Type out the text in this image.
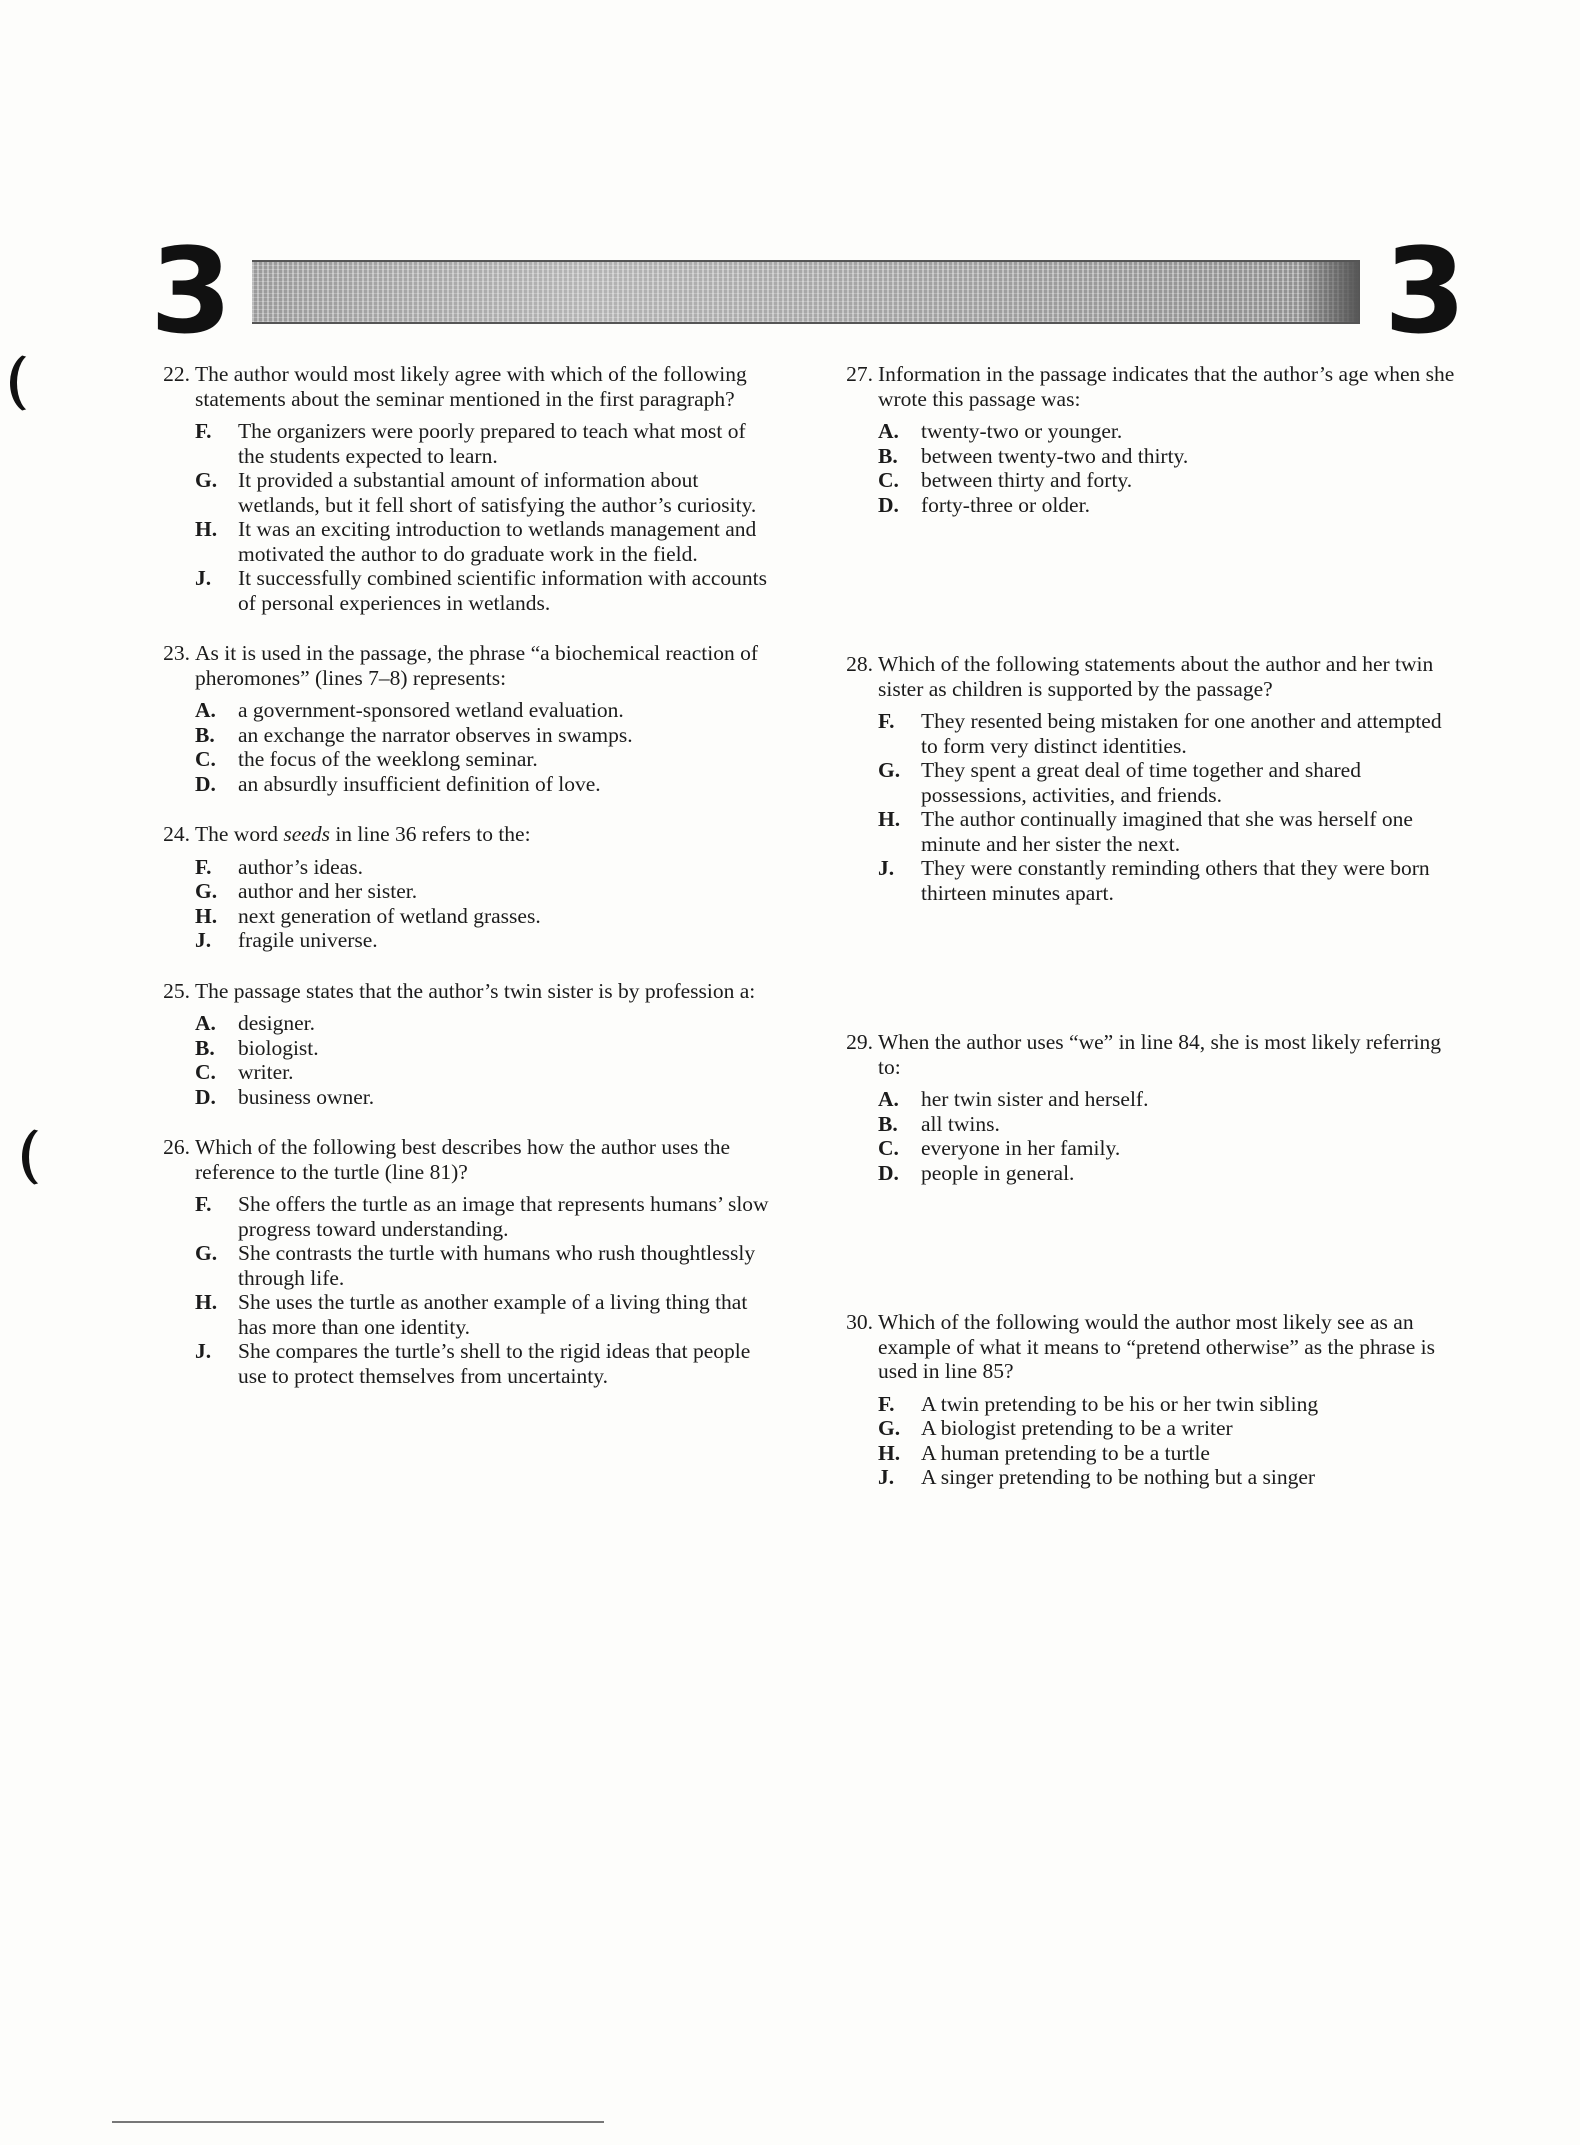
3	3
22. The author would most likely agree with which of the following statements about the seminar mentioned in the first paragraph?
F. The organizers were poorly prepared to teach what most of the students expected to learn.
G. It provided a substantial amount of information about wetlands, but it fell short of satisfying the author’s curiosity.
H. It was an exciting introduction to wetlands management and motivated the author to do graduate work in the field.
J. It successfully combined scientific information with accounts of personal experiences in wetlands.
23. As it is used in the passage, the phrase “a biochemical reaction of pheromones” (lines 7–8) represents:
A. a government-sponsored wetland evaluation.
B. an exchange the narrator observes in swamps.
C. the focus of the weeklong seminar.
D. an absurdly insufficient definition of love.
24. The word seeds in line 36 refers to the:
F. author’s ideas.
G. author and her sister.
H. next generation of wetland grasses.
J. fragile universe.
25. The passage states that the author’s twin sister is by profession a:
A. designer.
B. biologist.
C. writer.
D. business owner.
26. Which of the following best describes how the author uses the reference to the turtle (line 81)?
F. She offers the turtle as an image that represents humans’ slow progress toward understanding.
G. She contrasts the turtle with humans who rush thoughtlessly through life.
H. She uses the turtle as another example of a living thing that has more than one identity.
J. She compares the turtle’s shell to the rigid ideas that people use to protect themselves from uncertainty.
27. Information in the passage indicates that the author’s age when she wrote this passage was:
A. twenty-two or younger.
B. between twenty-two and thirty.
C. between thirty and forty.
D. forty-three or older.
28. Which of the following statements about the author and her twin sister as children is supported by the passage?
F. They resented being mistaken for one another and attempted to form very distinct identities.
G. They spent a great deal of time together and shared possessions, activities, and friends.
H. The author continually imagined that she was herself one minute and her sister the next.
J. They were constantly reminding others that they were born thirteen minutes apart.
29. When the author uses “we” in line 84, she is most likely referring to:
A. her twin sister and herself.
B. all twins.
C. everyone in her family.
D. people in general.
30. Which of the following would the author most likely see as an example of what it means to “pretend otherwise” as the phrase is used in line 85?
F. A twin pretending to be his or her twin sibling
G. A biologist pretending to be a writer
H. A human pretending to be a turtle
J. A singer pretending to be nothing but a singer
